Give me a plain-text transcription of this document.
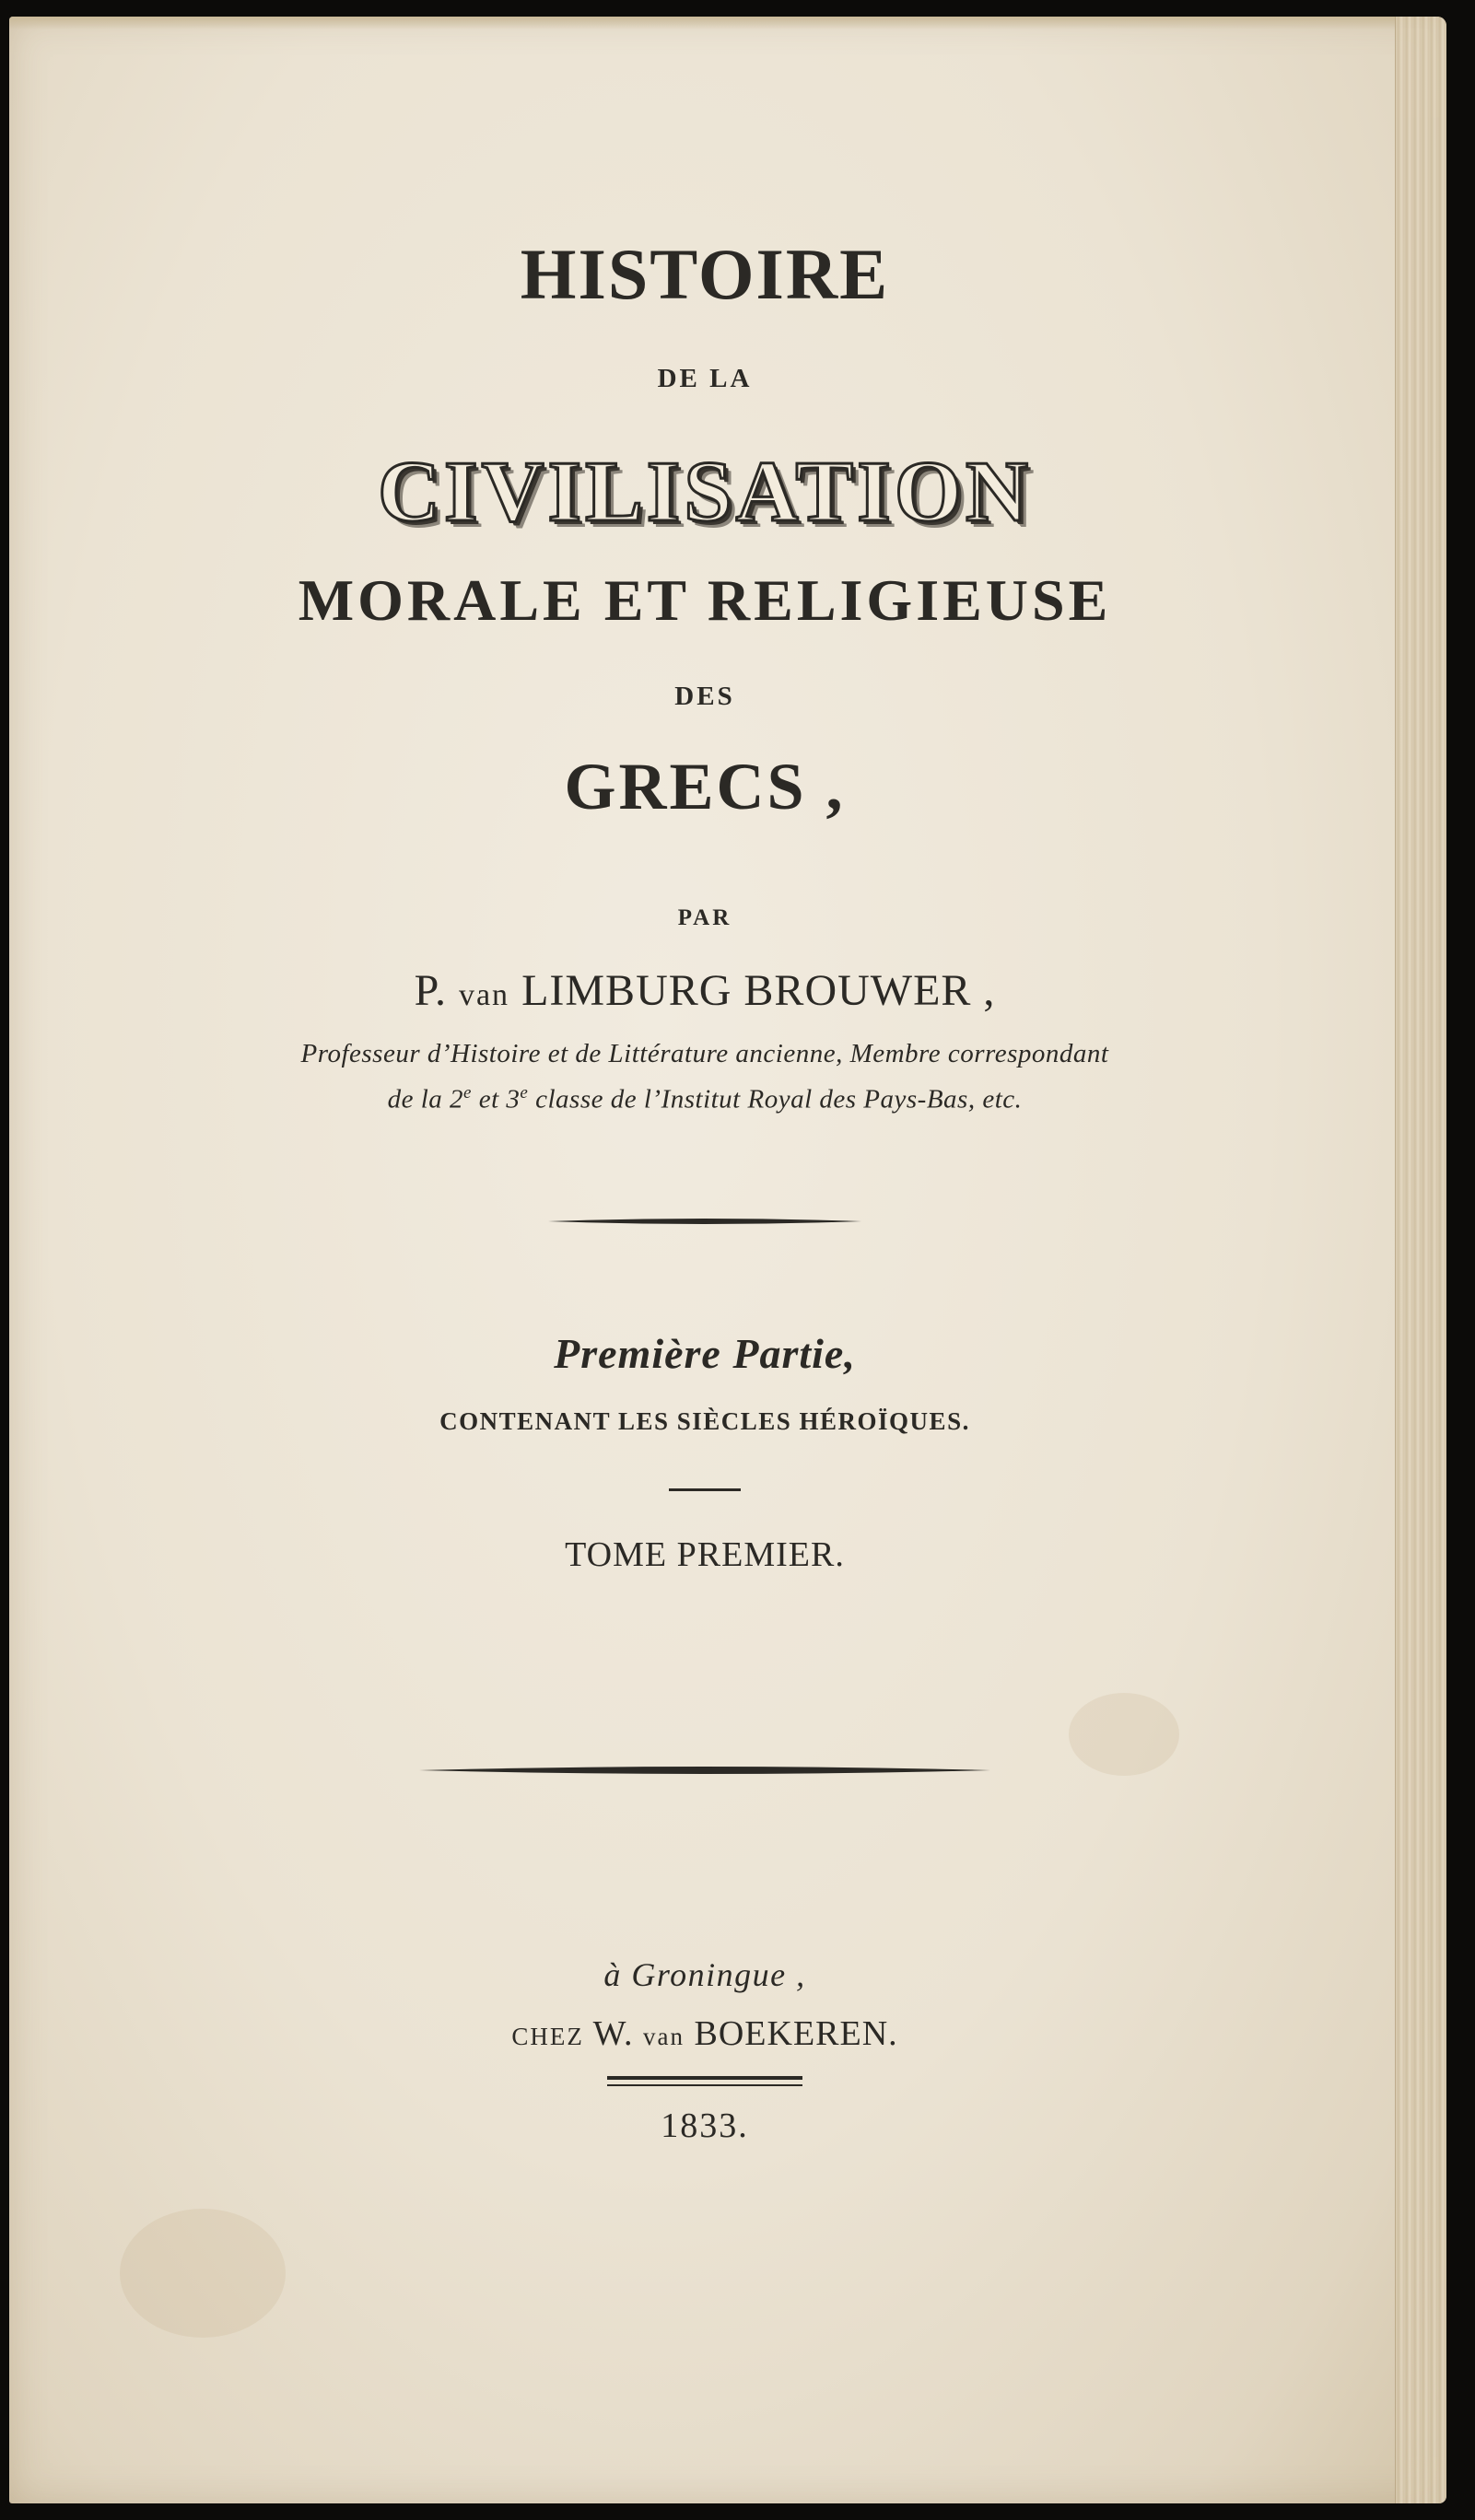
HISTOIRE
DE LA
CIVILISATION
MORALE ET RELIGIEUSE
DES
GRECS ,
PAR
P. van LIMBURG BROUWER ,
Professeur d’Histoire et de Littérature ancienne, Membre correspondant
de la 2e et 3e classe de l’Institut Royal des Pays-Bas, etc.
Première Partie,
CONTENANT LES SIÈCLES HÉROÏQUES.
TOME PREMIER.
à Groningue ,
CHEZ W. van BOEKEREN.
1833.
